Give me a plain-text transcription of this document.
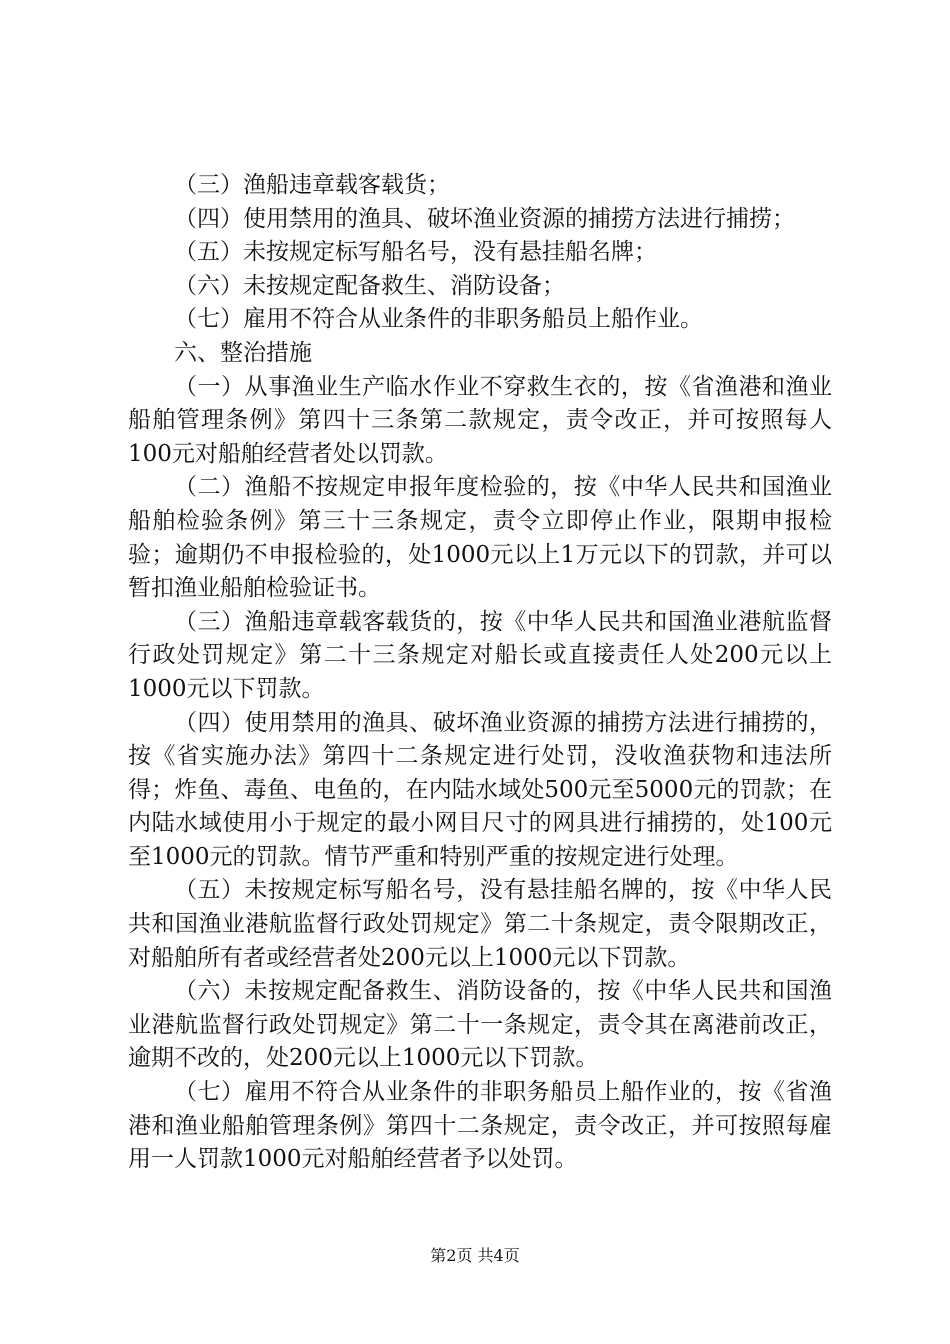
（三）渔船违章载客载货；

（四）使用禁用的渔具、破坏渔业资源的捕捞方法进行捕捞；

（五）未按规定标写船名号，没有悬挂船名牌；

（六）未按规定配备救生、消防设备；

（七）雇用不符合从业条件的非职务船员上船作业。

六、整治措施

（一）从事渔业生产临水作业不穿救生衣的，按《省渔港和渔业船舶管理条例》第四十三条第二款规定，责令改正，并可按照每人100元对船舶经营者处以罚款。

（二）渔船不按规定申报年度检验的，按《中华人民共和国渔业船舶检验条例》第三十三条规定，责令立即停止作业，限期申报检验；逾期仍不申报检验的，处1000元以上1万元以下的罚款，并可以暂扣渔业船舶检验证书。

（三）渔船违章载客载货的，按《中华人民共和国渔业港航监督行政处罚规定》第二十三条规定对船长或直接责任人处200元以上1000元以下罚款。

（四）使用禁用的渔具、破坏渔业资源的捕捞方法进行捕捞的，按《省实施办法》第四十二条规定进行处罚，没收渔获物和违法所得；炸鱼、毒鱼、电鱼的，在内陆水域处500元至5000元的罚款；在内陆水域使用小于规定的最小网目尺寸的网具进行捕捞的，处100元至1000元的罚款。情节严重和特别严重的按规定进行处理。

（五）未按规定标写船名号，没有悬挂船名牌的，按《中华人民共和国渔业港航监督行政处罚规定》第二十条规定，责令限期改正，对船舶所有者或经营者处200元以上1000元以下罚款。

（六）未按规定配备救生、消防设备的，按《中华人民共和国渔业港航监督行政处罚规定》第二十一条规定，责令其在离港前改正，逾期不改的，处200元以上1000元以下罚款。

（七）雇用不符合从业条件的非职务船员上船作业的，按《省渔港和渔业船舶管理条例》第四十二条规定，责令改正，并可按照每雇用一人罚款1000元对船舶经营者予以处罚。

第2页 共4页
